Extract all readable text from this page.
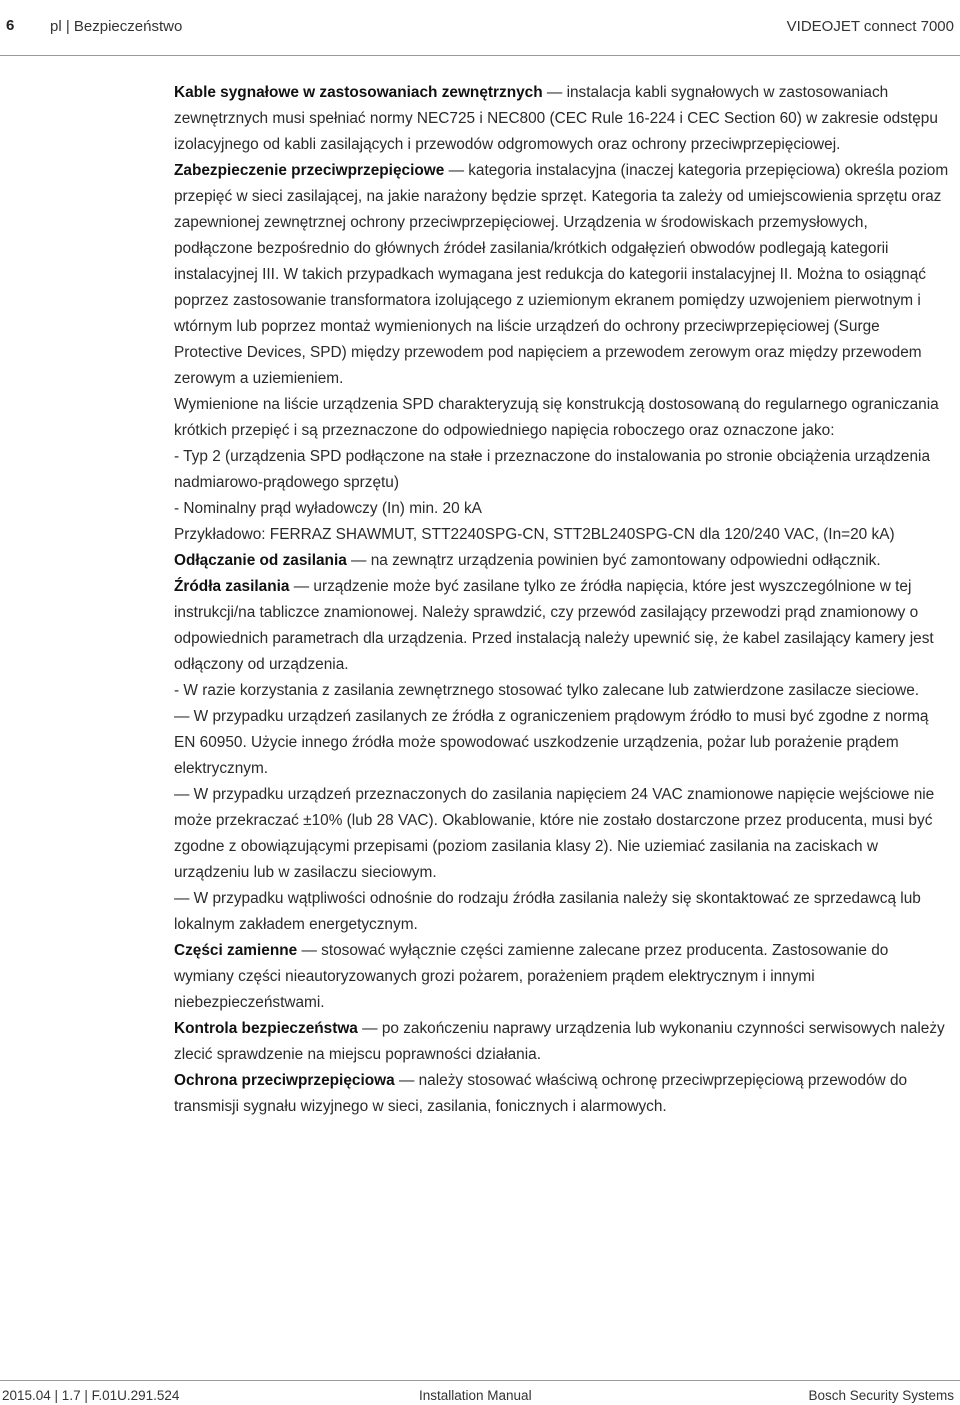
6 pl | Bezpieczeństwo	VIDEOJET connect 7000

Kable sygnałowe w zastosowaniach zewnętrznych — instalacja kabli sygnałowych w zastosowaniach zewnętrznych musi spełniać normy NEC725 i NEC800 (CEC Rule 16-224 i CEC Section 60) w zakresie odstępu izolacyjnego od kabli zasilających i przewodów odgromowych oraz ochrony przeciwprzepięciowej.

Zabezpieczenie przeciwprzepięciowe — kategoria instalacyjna (inaczej kategoria przepięciowa) określa poziom przepięć w sieci zasilającej, na jakie narażony będzie sprzęt. Kategoria ta zależy od umiejscowienia sprzętu oraz zapewnionej zewnętrznej ochrony przeciwprzepięciowej. Urządzenia w środowiskach przemysłowych, podłączone bezpośrednio do głównych źródeł zasilania/krótkich odgałęzień obwodów podlegają kategorii instalacyjnej III. W takich przypadkach wymagana jest redukcja do kategorii instalacyjnej II. Można to osiągnąć poprzez zastosowanie transformatora izolującego z uziemionym ekranem pomiędzy uzwojeniem pierwotnym i wtórnym lub poprzez montaż wymienionych na liście urządzeń do ochrony przeciwprzepięciowej (Surge Protective Devices, SPD) między przewodem pod napięciem a przewodem zerowym oraz między przewodem zerowym a uziemieniem.

Wymienione na liście urządzenia SPD charakteryzują się konstrukcją dostosowaną do regularnego ograniczania krótkich przepięć i są przeznaczone do odpowiedniego napięcia roboczego oraz oznaczone jako:

- Typ 2 (urządzenia SPD podłączone na stałe i przeznaczone do instalowania po stronie obciążenia urządzenia nadmiarowo-prądowego sprzętu)

- Nominalny prąd wyładowczy (In) min. 20 kA

Przykładowo: FERRAZ SHAWMUT, STT2240SPG-CN, STT2BL240SPG-CN dla 120/240 VAC, (In=20 kA)

Odłączanie od zasilania — na zewnątrz urządzenia powinien być zamontowany odpowiedni odłącznik.

Źródła zasilania — urządzenie może być zasilane tylko ze źródła napięcia, które jest wyszczególnione w tej instrukcji/na tabliczce znamionowej. Należy sprawdzić, czy przewód zasilający przewodzi prąd znamionowy o odpowiednich parametrach dla urządzenia. Przed instalacją należy upewnić się, że kabel zasilający kamery jest odłączony od urządzenia.

- W razie korzystania z zasilania zewnętrznego stosować tylko zalecane lub zatwierdzone zasilacze sieciowe.

— W przypadku urządzeń zasilanych ze źródła z ograniczeniem prądowym źródło to musi być zgodne z normą EN 60950. Użycie innego źródła może spowodować uszkodzenie urządzenia, pożar lub porażenie prądem elektrycznym.

— W przypadku urządzeń przeznaczonych do zasilania napięciem 24 VAC znamionowe napięcie wejściowe nie może przekraczać ±10% (lub 28 VAC). Okablowanie, które nie zostało dostarczone przez producenta, musi być zgodne z obowiązującymi przepisami (poziom zasilania klasy 2). Nie uziemiać zasilania na zaciskach w urządzeniu lub w zasilaczu sieciowym.

— W przypadku wątpliwości odnośnie do rodzaju źródła zasilania należy się skontaktować ze sprzedawcą lub lokalnym zakładem energetycznym.

Części zamienne — stosować wyłącznie części zamienne zalecane przez producenta. Zastosowanie do wymiany części nieautoryzowanych grozi pożarem, porażeniem prądem elektrycznym i innymi niebezpieczeństwami.

Kontrola bezpieczeństwa — po zakończeniu naprawy urządzenia lub wykonaniu czynności serwisowych należy zlecić sprawdzenie na miejscu poprawności działania.

Ochrona przeciwprzepięciowa — należy stosować właściwą ochronę przeciwprzepięciową przewodów do transmisji sygnału wizyjnego w sieci, zasilania, fonicznych i alarmowych.

2015.04 | 1.7 | F.01U.291.524	Installation Manual	Bosch Security Systems
